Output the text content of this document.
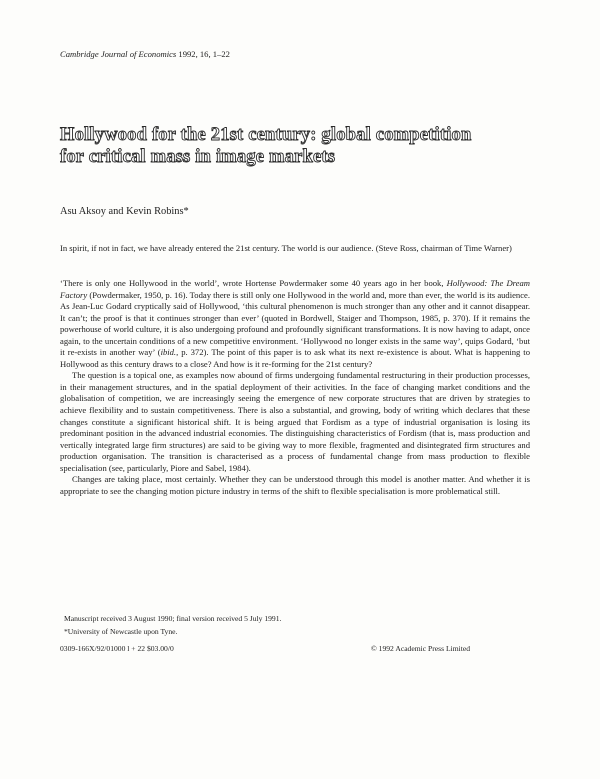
Cambridge Journal of Economics 1992, 16, 1–22
Hollywood for the 21st century: global competition for critical mass in image markets
Asu Aksoy and Kevin Robins*
In spirit, if not in fact, we have already entered the 21st century. The world is our audience. (Steve Ross, chairman of Time Warner)

‘There is only one Hollywood in the world’, wrote Hortense Powdermaker some 40 years ago in her book, Hollywood: The Dream Factory (Powdermaker, 1950, p. 16). Today there is still only one Hollywood in the world and, more than ever, the world is its audience. As Jean-Luc Godard cryptically said of Hollywood, ‘this cultural phenomenon is much stronger than any other and it cannot disappear. It can’t; the proof is that it continues stronger than ever’ (quoted in Bordwell, Staiger and Thompson, 1985, p. 370). If it remains the powerhouse of world culture, it is also undergoing profound and profoundly significant transformations. It is now having to adapt, once again, to the uncertain conditions of a new competitive environment. ‘Hollywood no longer exists in the same way’, quips Godard, ‘but it re-exists in another way’ (ibid., p. 372). The point of this paper is to ask what its next re-existence is about. What is happening to Hollywood as this century draws to a close? And how is it re-forming for the 21st century?

The question is a topical one, as examples now abound of firms undergoing fundamental restructuring in their production processes, in their management structures, and in the spatial deployment of their activities. In the face of changing market conditions and the globalisation of competition, we are increasingly seeing the emergence of new corporate structures that are driven by strategies to achieve flexibility and to sustain competitiveness. There is also a substantial, and growing, body of writing which declares that these changes constitute a significant historical shift. It is being argued that Fordism as a type of industrial organisation is losing its predominant position in the advanced industrial economies. The distinguishing characteristics of Fordism (that is, mass production and vertically integrated large firm structures) are said to be giving way to more flexible, fragmented and disintegrated firm structures and production organisation. The transition is characterised as a process of fundamental change from mass production to flexible specialisation (see, particularly, Piore and Sabel, 1984).

Changes are taking place, most certainly. Whether they can be understood through this model is another matter. And whether it is appropriate to see the changing motion picture industry in terms of the shift to flexible specialisation is more problematical still.

Manuscript received 3 August 1990; final version received 5 July 1991.
*University of Newcastle upon Tyne.
0309-166X/92/01000 l + 22 $03.00/0	© 1992 Academic Press Limited
